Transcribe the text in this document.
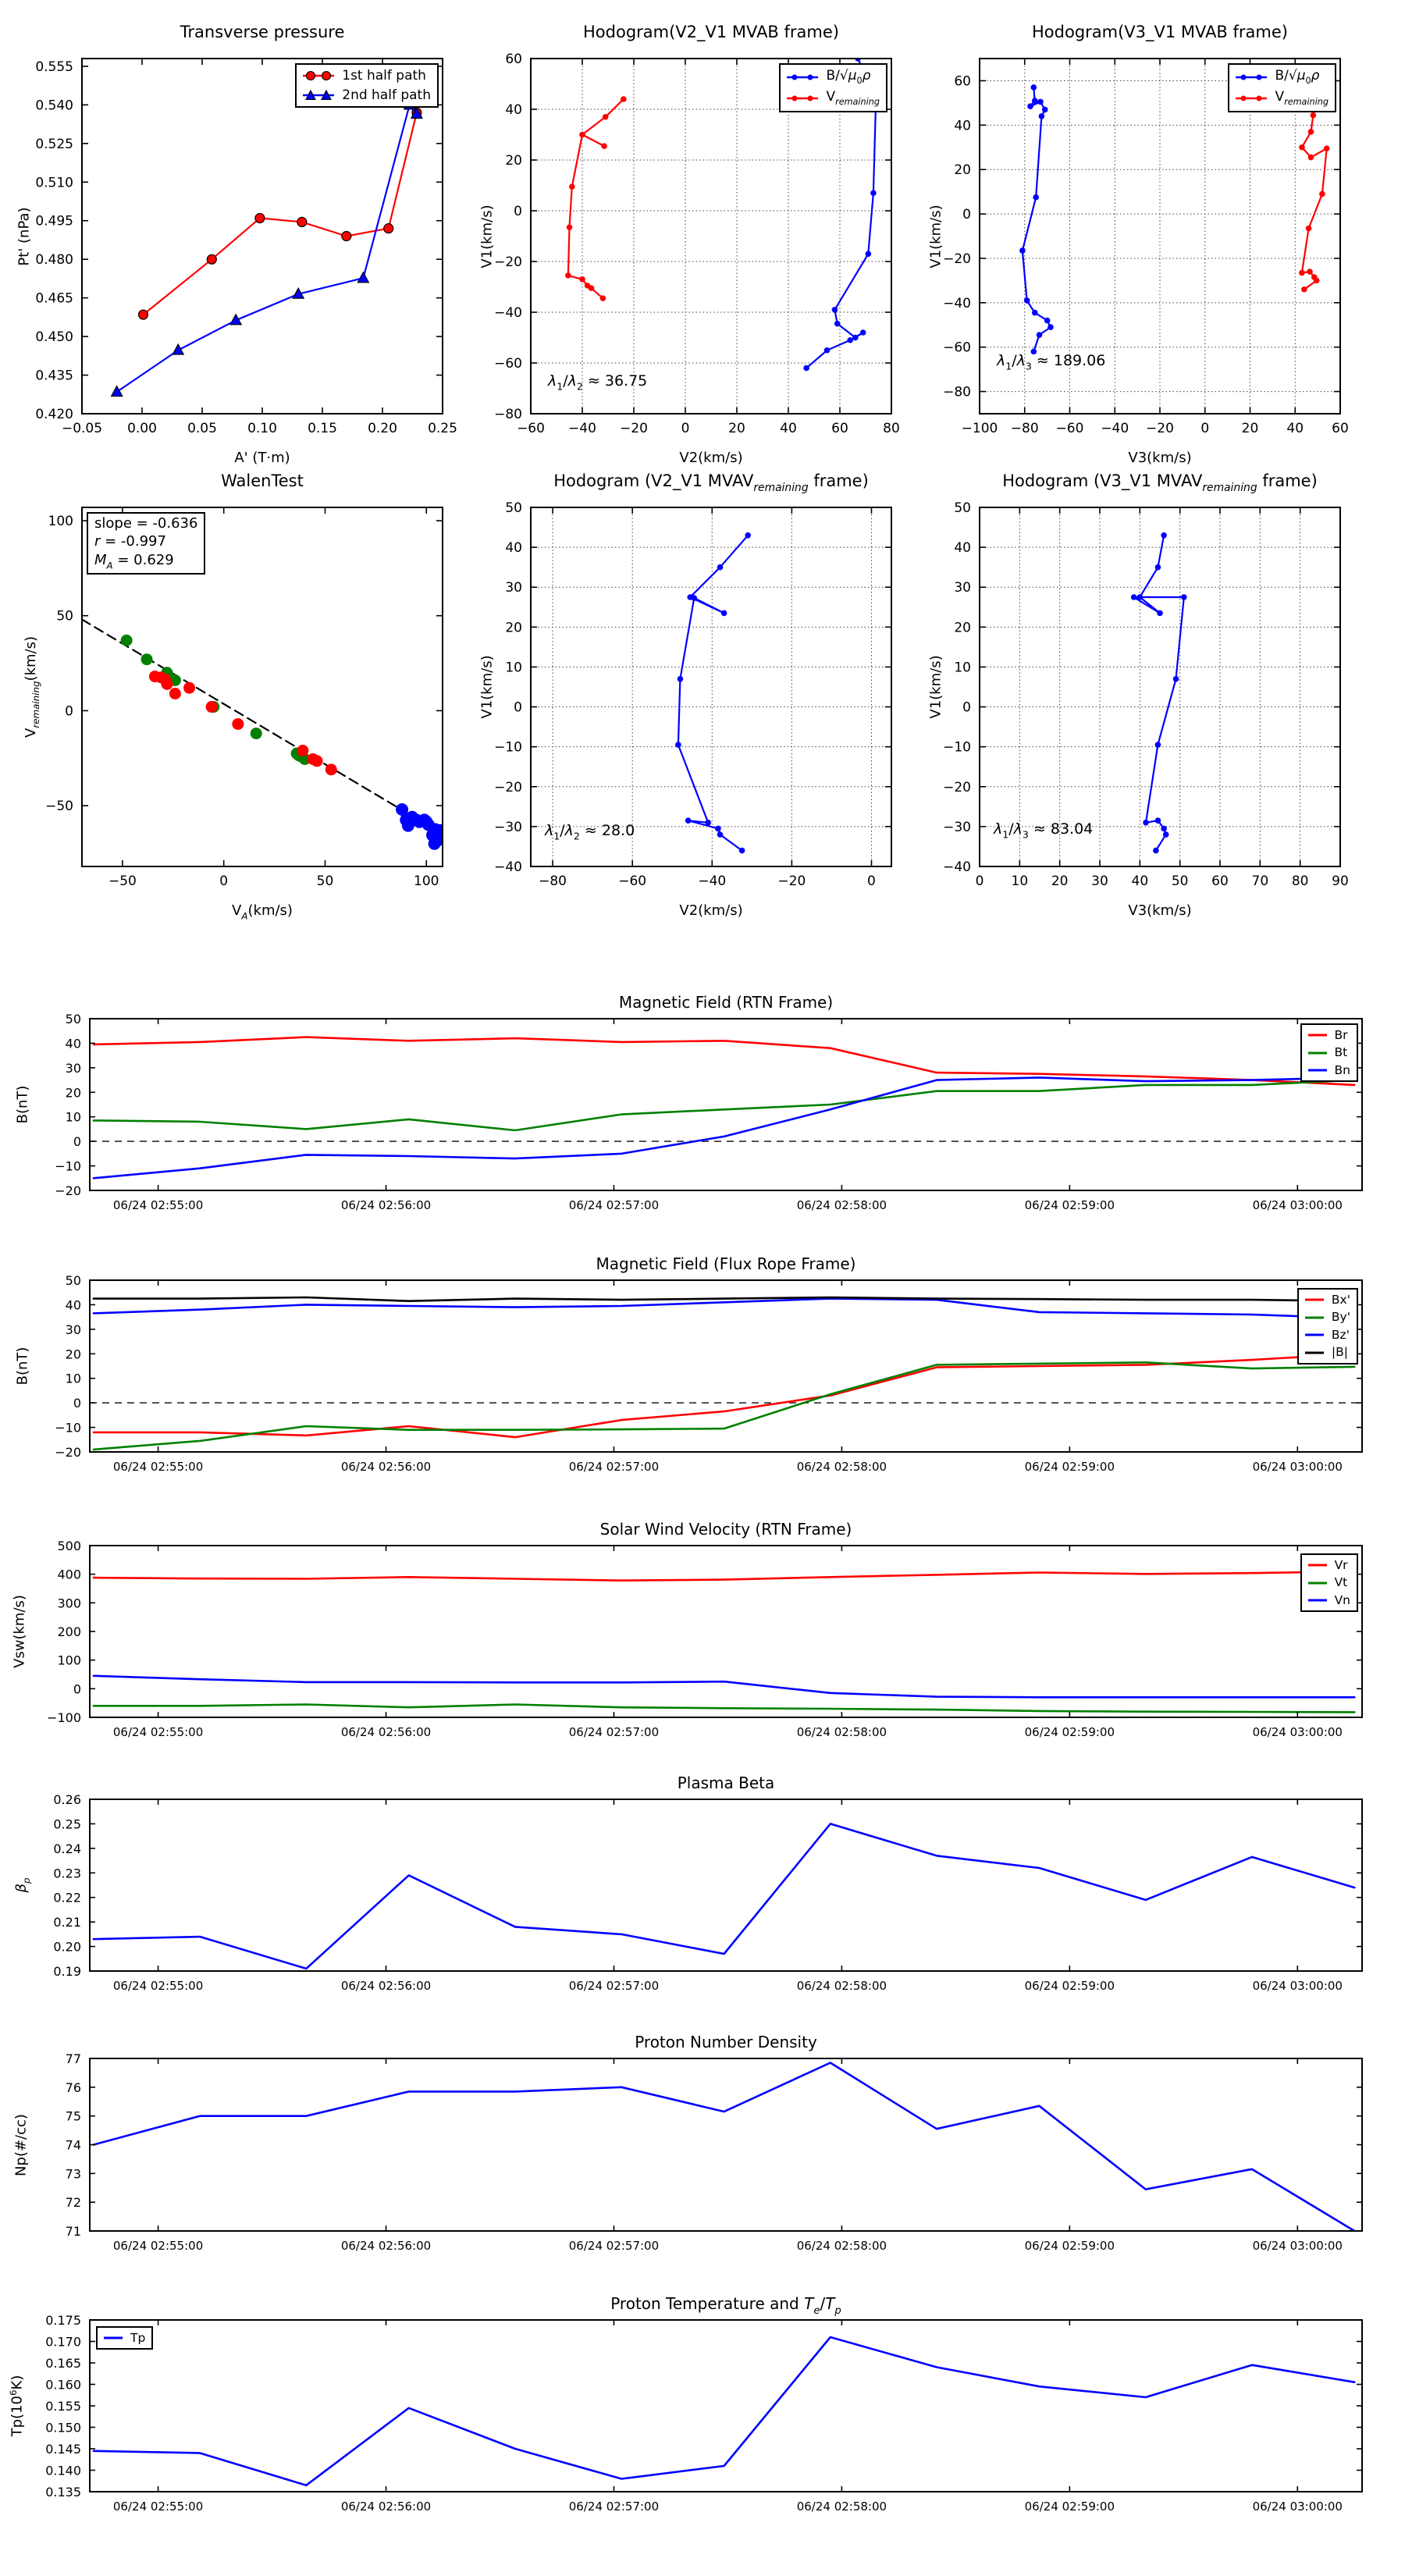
Transverse pressure
Pt' (nPa)
A' (T·m)
−0.05 0.00 0.05 0.10 0.15 0.20 0.25
0.420
0.435
0.450
0.465
0.480
0.495
0.510
0.525
0.540
0.555
1st half path
2nd half path
Hodogram(V2_V1 MVAB frame)
V1(km/s)
V2(km/s)
−60 −40 −20	0	20	40	60	80
−80
−60
−40
−20
0
20
40
60
$B/√\mu_0\rho$
$V_{remaining}$
$\lambda_1/\lambda_2 \approx 36.75$
Hodogram(V3_V1 MVAB frame)
V1(km/s)
V3(km/s)
−100 −80 −60 −40 −20 0 20 40 60
−80
−60
−40
−20
0
20
40
60	$B/√\mu_0\rho$
$V_{remaining}$
$\lambda_1/\lambda_3 \approx 189.06$
WalenTest
$V_{remaining}(km/s)$
$V_A(km/s)$
−50	0	50	100
−50
0
50
100 slope = -0.636
r = -0.997
$M_A = 0.629$
Hodogram (V2_V1 $MVAV_{remaining}$ frame)
V1(km/s)
V2(km/s)
−80	−60	−40	−20	0
−40
−30
−20
−10
0
10
20
30
40
50
$\lambda_1/\lambda_2 \approx 28.0$
Hodogram (V3_V1 $MVAV_{remaining}$ frame)
V1(km/s)
V3(km/s)
0 10 20 30 40 50 60 70 80 90
−40
−30
−20
−10
0
10
20
30
40
50
$\lambda_1/\lambda_3 \approx 83.04$
Magnetic Field (RTN Frame)
B(nT)
06/24 02:55:00	06/24 02:56:00	06/24 02:57:00	06/24 02:58:00	06/24 02:59:00	06/24 03:00:00
−20
−10
0
10
20
30
40
50
Br
Bt
Bn
Magnetic Field (Flux Rope Frame)
B(nT)
06/24 02:55:00	06/24 02:56:00	06/24 02:57:00	06/24 02:58:00	06/24 02:59:00	06/24 03:00:00
−20
−10
0
10
20
30
40
50
Bx'
By'
Bz'
|B|
Solar Wind Velocity (RTN Frame)
Vsw(km/s)
06/24 02:55:00	06/24 02:56:00	06/24 02:57:00	06/24 02:58:00	06/24 02:59:00	06/24 03:00:00
−100
0
100
200
300
400
500
Vr
Vt
Vn
Plasma Beta
$\beta_p$
06/24 02:55:00	06/24 02:56:00	06/24 02:57:00	06/24 02:58:00	06/24 02:59:00	06/24 03:00:00
0.19
0.20
0.21
0.22
0.23
0.24
0.25
0.26
Proton Number Density
Np(#/cc)
06/24 02:55:00	06/24 02:56:00	06/24 02:57:00	06/24 02:58:00	06/24 02:59:00	06/24 03:00:00
71
72
73
74
75
76
77
Proton Temperature and $T_e/T_p$
$Tp(10^6K)$
06/24 02:55:00	06/24 02:56:00	06/24 02:57:00	06/24 02:58:00	06/24 02:59:00	06/24 03:00:00
0.135
0.140
0.145
0.150
0.155
0.160
0.165
0.170
0.175
Tp
